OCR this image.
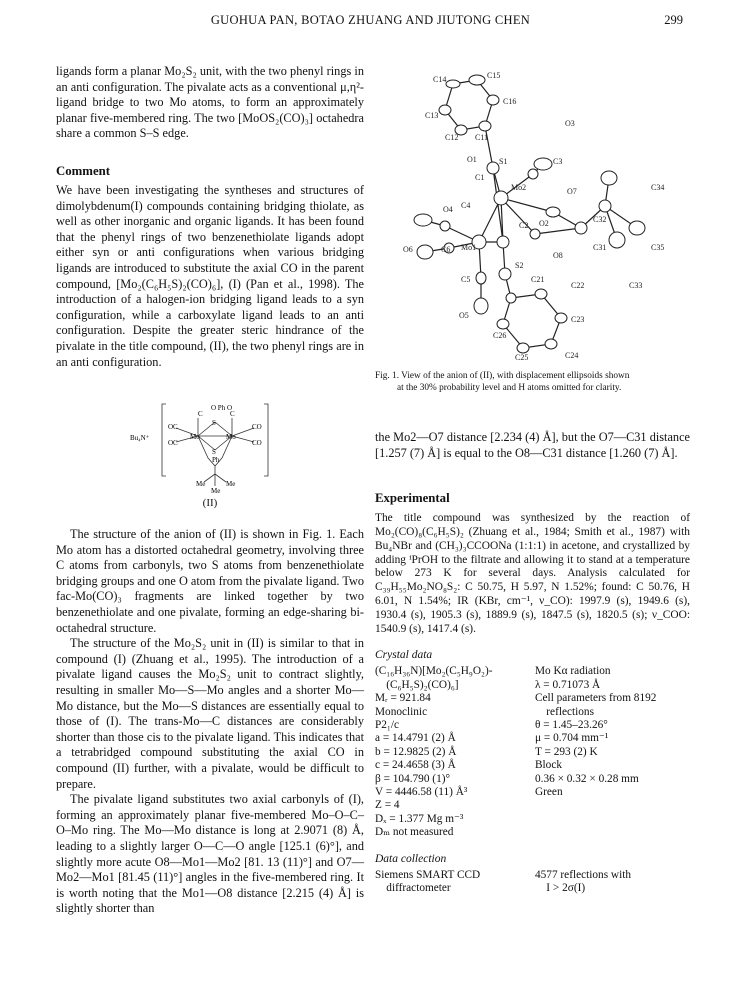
GUOHUA PAN, BOTAO ZHUANG AND JIUTONG CHEN	299

ligands form a planar Mo₂S₂ unit, with the two phenyl rings in an anti configuration. The pivalate acts as a conventional μ,η²-ligand bridge to two Mo atoms, to form an approximately planar five-membered ring. The two [MoOS₂(CO)₃] octahedra share a common S–S edge.

Comment

We have been investigating the syntheses and structures of dimolybdenum(I) compounds containing bridging thiolate, as well as other inorganic and organic ligands. It has been found that the phenyl rings of two benzenethiolate ligands adopt either syn or anti configurations when various bridging ligands are introduced to substitute the axial CO in the parent compound, [Mo₂(C₆H₅S)₂(CO)₆], (I) (Pan et al., 1998). The introduction of a halogen-ion bridging ligand leads to a syn configuration, while a carboxylate ligand leads to an anti configuration. Despite the greater steric hindrance of the pivalate in the title compound, (II), the two phenyl rings are in an anti configuration.

O Ph O
C	C
OC
OC
CO
CO
Mo	Mo
S
S
Ph
Me	Me
Me
Bu₄N⁺
(II)

The structure of the anion of (II) is shown in Fig. 1. Each Mo atom has a distorted octahedral geometry, involving three C atoms from carbonyls, two S atoms from benzenethiolate bridging groups and one O atom from the pivalate ligand. Two fac-Mo(CO)₃ fragments are linked together by two benzenethiolate and one pivalate, forming an edge-sharing bi-octahedral structure.

The structure of the Mo₂S₂ unit in (II) is similar to that in compound (I) (Zhuang et al., 1995). The introduction of a pivalate ligand causes the Mo₂S₂ unit to contract slightly, resulting in smaller Mo—S—Mo angles and a shorter Mo—Mo distance, but the Mo—S distances are essentially equal to those of (I). The trans-Mo—C distances are considerably shorter than those cis to the pivalate ligand. This indicates that a tetrabridged compound substituting the axial CO in compound (II) further, with a pivalate, would be difficult to prepare.

The pivalate ligand substitutes two axial carbonyls of (I), forming an approximately planar five-membered Mo–O–C–O–Mo ring. The Mo—Mo distance is long at 2.9071 (8) Å, leading to a slightly larger O—C—O angle [125.1 (6)°], and slightly more acute O8—Mo1—Mo2 [81. 13 (11)°] and O7—Mo2—Mo1 [81.45 (11)°] angles in the five-membered ring. It is worth noting that the Mo1—O8 distance [2.215 (4) Å] is slightly shorter than

C14	C15
C16
C13
O3
C12 C11
C3
O1
C1
S1
C34
Mo2	O7
O4 C4
C2 O2	C32
O6	C6 Mo1	C31	C35
O8
S2
C5	C21
C22	C33
O5	C23
C26
C25	C24
Fig. 1. View of the anion of (II), with displacement ellipsoids shown
at the 30% probability level and H atoms omitted for clarity.

the Mo2—O7 distance [2.234 (4) Å], but the O7—C31 distance [1.257 (7) Å] is equal to the O8—C31 distance [1.260 (7) Å].

Experimental

The title compound was synthesized by the reaction of Mo₂(CO)₈(C₆H₅S)₂ (Zhuang et al., 1984; Smith et al., 1987) with Bu₄NBr and (CH₃)₃CCOONa (1:1:1) in acetone, and crystallized by adding ⁱPrOH to the filtrate and allowing it to stand at a temperature below 273 K for several days. Analysis calculated for C₃₉H₅₅Mo₂NO₈S₂: C 50.75, H 5.97, N 1.52%; found: C 50.76, H 6.01, N 1.54%; IR (KBr, cm⁻¹, ν_CO): 1997.9 (s), 1949.6 (s), 1930.4 (s), 1905.3 (s), 1889.9 (s), 1847.5 (s), 1820.5 (s); ν_COO: 1540.9 (s), 1417.4 (s).

Crystal data
(C₁₆H₃₆N)[Mo₂(C₅H₉O₂)-	Mo Kα radiation
(C₆H₅S)₂(CO)₆]	λ = 0.71073 Å
Mᵣ = 921.84	Cell parameters from 8192
Monoclinic	reflections
P2₁/c	θ = 1.45–23.26°
a = 14.4791 (2) Å	μ = 0.704 mm⁻¹
b = 12.9825 (2) Å	T = 293 (2) K
c = 24.4658 (3) Å	Block
β = 104.790 (1)°	0.36 × 0.32 × 0.28 mm
V = 4446.58 (11) Å³	Green
Z = 4	
Dₓ = 1.377 Mg m⁻³	
Dₘ not measured	
Data collection
Siemens SMART CCD	4577 reflections with
diffractometer	I > 2σ(I)
